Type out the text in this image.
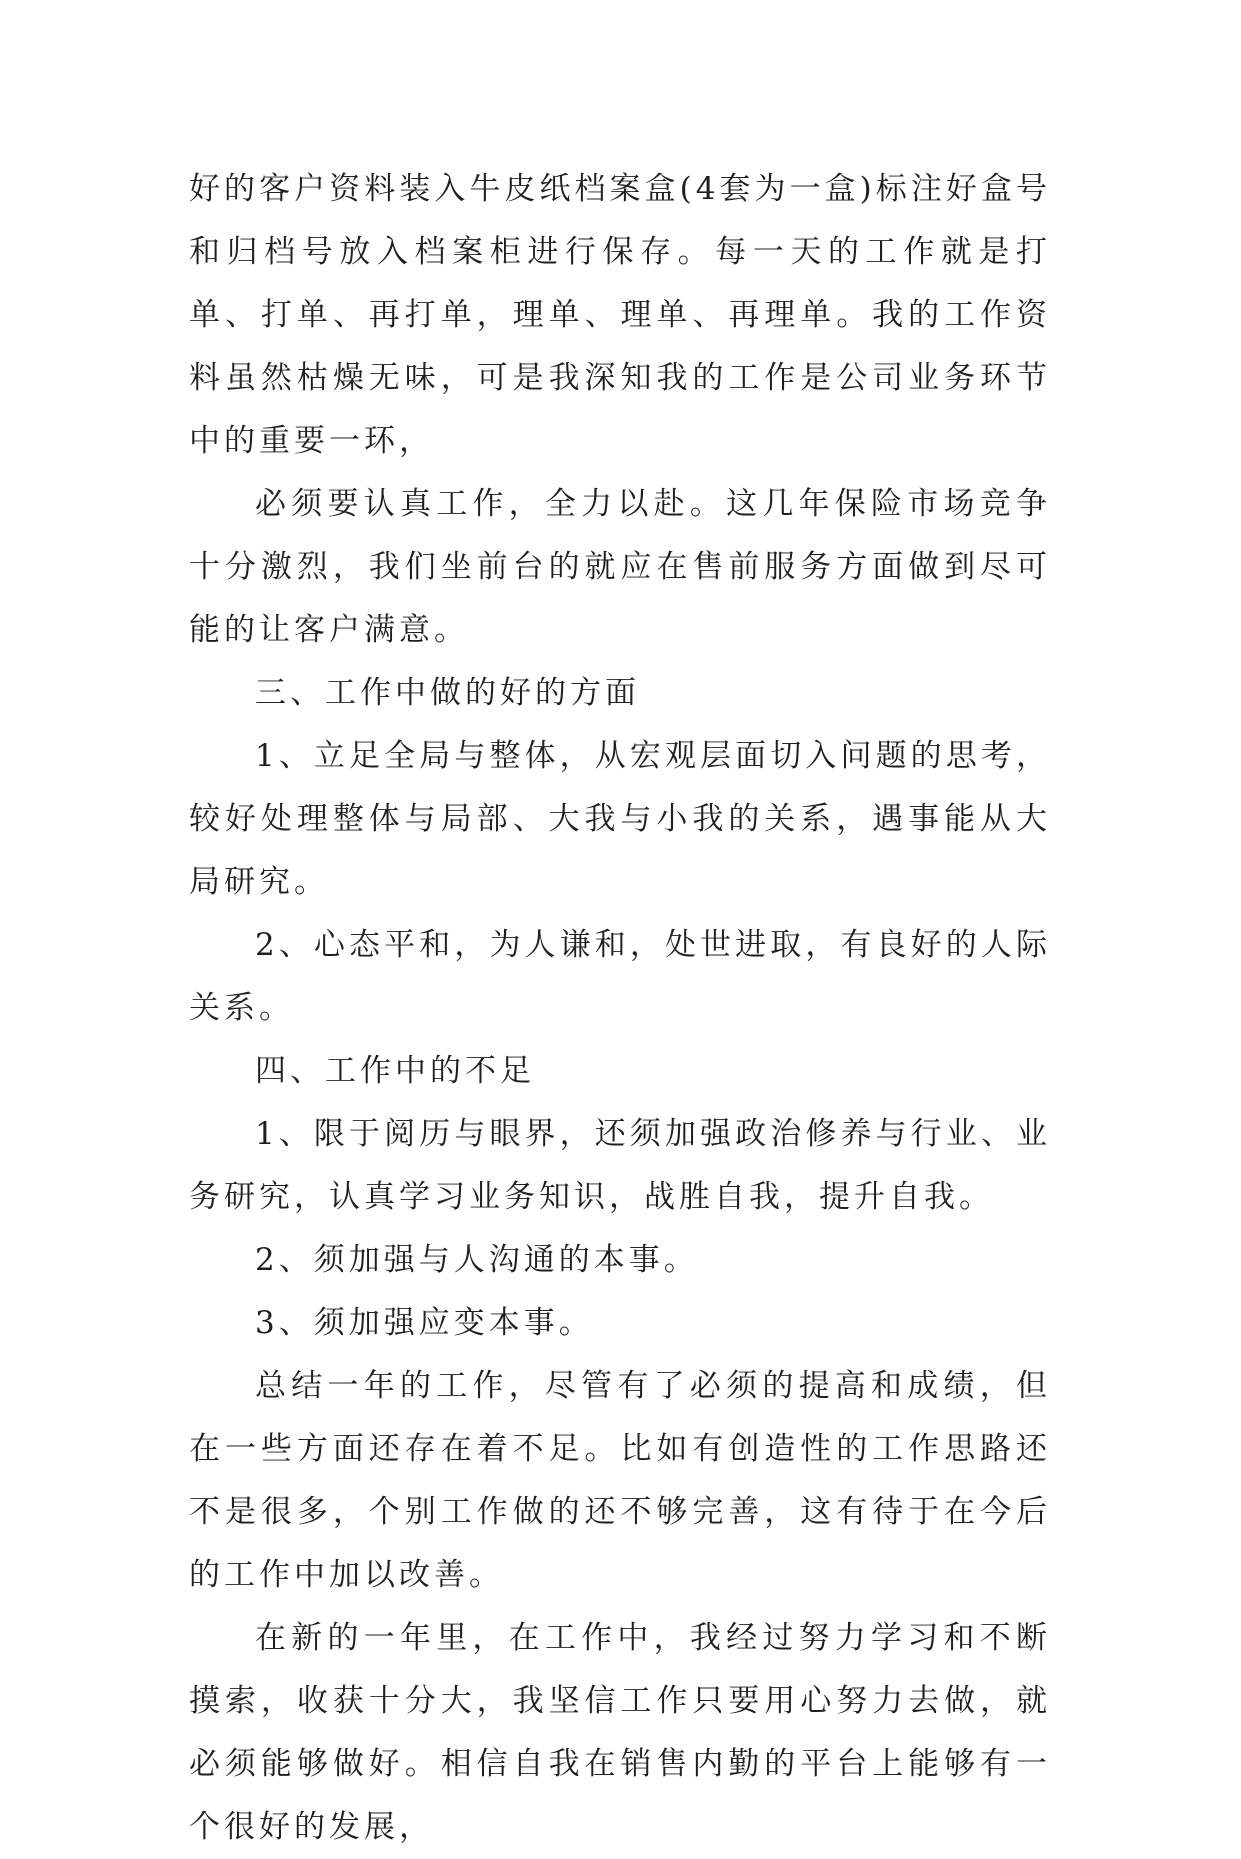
好的客户资料装入牛皮纸档案盒(4套为一盒)标注好盒号和归档号放入档案柜进行保存。每一天的工作就是打单、打单、再打单，理单、理单、再理单。我的工作资料虽然枯燥无味，可是我深知我的工作是公司业务环节中的重要一环，

必须要认真工作，全力以赴。这几年保险市场竞争十分激烈，我们坐前台的就应在售前服务方面做到尽可能的让客户满意。

三、工作中做的好的方面

1、立足全局与整体，从宏观层面切入问题的思考，较好处理整体与局部、大我与小我的关系，遇事能从大局研究。

2、心态平和，为人谦和，处世进取，有良好的人际关系。

四、工作中的不足

1、限于阅历与眼界，还须加强政治修养与行业、业务研究，认真学习业务知识，战胜自我，提升自我。

2、须加强与人沟通的本事。

3、须加强应变本事。

总结一年的工作，尽管有了必须的提高和成绩，但在一些方面还存在着不足。比如有创造性的工作思路还不是很多，个别工作做的还不够完善，这有待于在今后的工作中加以改善。

在新的一年里，在工作中，我经过努力学习和不断摸索，收获十分大，我坚信工作只要用心努力去做，就必须能够做好。相信自我在销售内勤的平台上能够有一个很好的发展，
